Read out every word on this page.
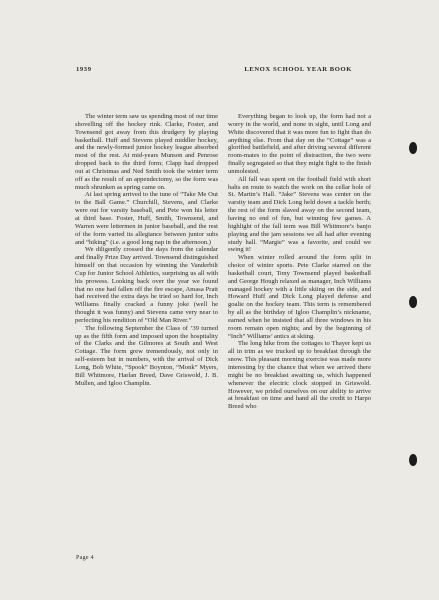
1939	LENOX SCHOOL YEAR BOOK

The winter term saw us spending most of our time shovelling off the hockey rink. Clarke, Foster, and Townsend got away from this drudgery by playing basketball. Huff and Stevens played middler hockey, and the newly-formed junior hockey league absorbed most of the rest. At mid-years Munson and Penrose dropped back to the third form; Clapp had dropped out at Christmas and Ned Smith took the winter term off as the result of an appendectomy, so the form was much shrunken as spring came on.

At last spring arrived to the tune of “Take Me Out to the Ball Game.” Churchill, Stevens, and Clarke were out for varsity baseball, and Pete won his letter at third base. Foster, Huff, Smith, Townsend, and Warren were lettermen in junior baseball, and the rest of the form varied its allegiance between junior subs and “hiking” (i.e. a good long nap in the afternoon.)

We diligently crossed the days from the calendar and finally Prize Day arrived. Townsend distinguished himself on that occasion by winning the Vanderbilt Cup for Junior School Athletics, surprising us all with his prowess. Looking back over the year we found that no one had fallen off the fire escape, Amasa Pratt had received the extra days he tried so hard for, Inch Williams finally cracked a funny joke (well he thought it was funny) and Stevens came very near to perfecting his rendition of “Old Man River.”

The following September the Class of ’39 turned up as the fifth form and imposed upon the hospitality of the Clarks and the Gilmores at South and West Cottage. The form grew tremendously, not only in self-esteem but in numbers, with the arrival of Dick Long, Bob White, “Spook” Boynton, “Monk” Myers, Bill Whitmore, Harlan Breed, Dave Griswold, J. B. Mullen, and Igloo Champlin.

Everything began to look up, the form had not a worry in the world, and none in sight, until Long and White discovered that it was more fun to fight than do anything else. From that day on the “Cottage” was a glorified battlefield, and after driving several different room-mates to the point of distraction, the two were finally segregated so that they might fight to the finish unmolested.

All fall was spent on the football field with short halts en route to watch the work on the cellar hole of St. Martin’s Hall. “Jake” Stevens was center on the varsity team and Dick Long held down a tackle berth; the rest of the form slaved away on the second team, having no end of fun, but winning few games. A highlight of the fall term was Bill Whitmore’s banjo playing and the jam sessions we all had after evening study hall. “Margie” was a favorite, and could we swing it!

When winter rolled around the form split in choice of winter sports. Pete Clarke starred on the basketball court, Tony Townsend played basketball and George Hough relaxed as manager, Inch Williams managed hockey with a little skiing on the side, and Howard Huff and Dick Long played defense and goalie on the hockey team. This term is remembered by all as the birthday of Igloo Champlin’s nickname, earned when he insisted that all three windows in his room remain open nights; and by the beginning of “Inch” Williams’ antics at skiing.

The long hike from the cottages to Thayer kept us all in trim as we trucked up to breakfast through the snow. This pleasant morning exercise was made more interesting by the chance that when we arrived there might be no breakfast awaiting us, which happened whenever the electric clock stopped in Griswold. However, we prided ourselves on our ability to arrive at breakfast on time and hand all the credit to Harpo Breed who

Page 4
